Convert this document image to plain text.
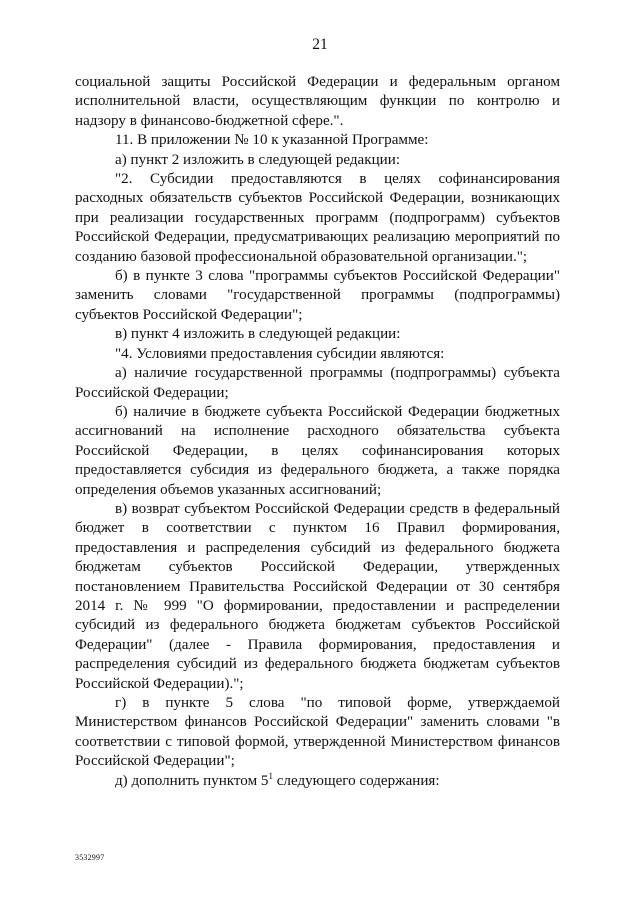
21

социальной защиты Российской Федерации и федеральным органом исполнительной власти, осуществляющим функции по контролю и надзору в финансово-бюджетной сфере.".

11. В приложении № 10 к указанной Программе:

а) пункт 2 изложить в следующей редакции:

"2. Субсидии предоставляются в целях софинансирования расходных обязательств субъектов Российской Федерации, возникающих при реализации государственных программ (подпрограмм) субъектов Российской Федерации, предусматривающих реализацию мероприятий по созданию базовой профессиональной образовательной организации.";

б) в пункте 3 слова "программы субъектов Российской Федерации" заменить словами "государственной программы (подпрограммы) субъектов Российской Федерации";

в) пункт 4 изложить в следующей редакции:

"4. Условиями предоставления субсидии являются:

а) наличие государственной программы (подпрограммы) субъекта Российской Федерации;

б) наличие в бюджете субъекта Российской Федерации бюджетных ассигнований на исполнение расходного обязательства субъекта Российской Федерации, в целях софинансирования которых предоставляется субсидия из федерального бюджета, а также порядка определения объемов указанных ассигнований;

в) возврат субъектом Российской Федерации средств в федеральный бюджет в соответствии с пунктом 16 Правил формирования, предоставления и распределения субсидий из федерального бюджета бюджетам субъектов Российской Федерации, утвержденных постановлением Правительства Российской Федерации от 30 сентября 2014 г. № 999 "О формировании, предоставлении и распределении субсидий из федерального бюджета бюджетам субъектов Российской Федерации" (далее - Правила формирования, предоставления и распределения субсидий из федерального бюджета бюджетам субъектов Российской Федерации).";

г) в пункте 5 слова "по типовой форме, утверждаемой Министерством финансов Российской Федерации" заменить словами "в соответствии с типовой формой, утвержденной Министерством финансов Российской Федерации";

д) дополнить пунктом $5^1$ следующего содержания:

3532997
